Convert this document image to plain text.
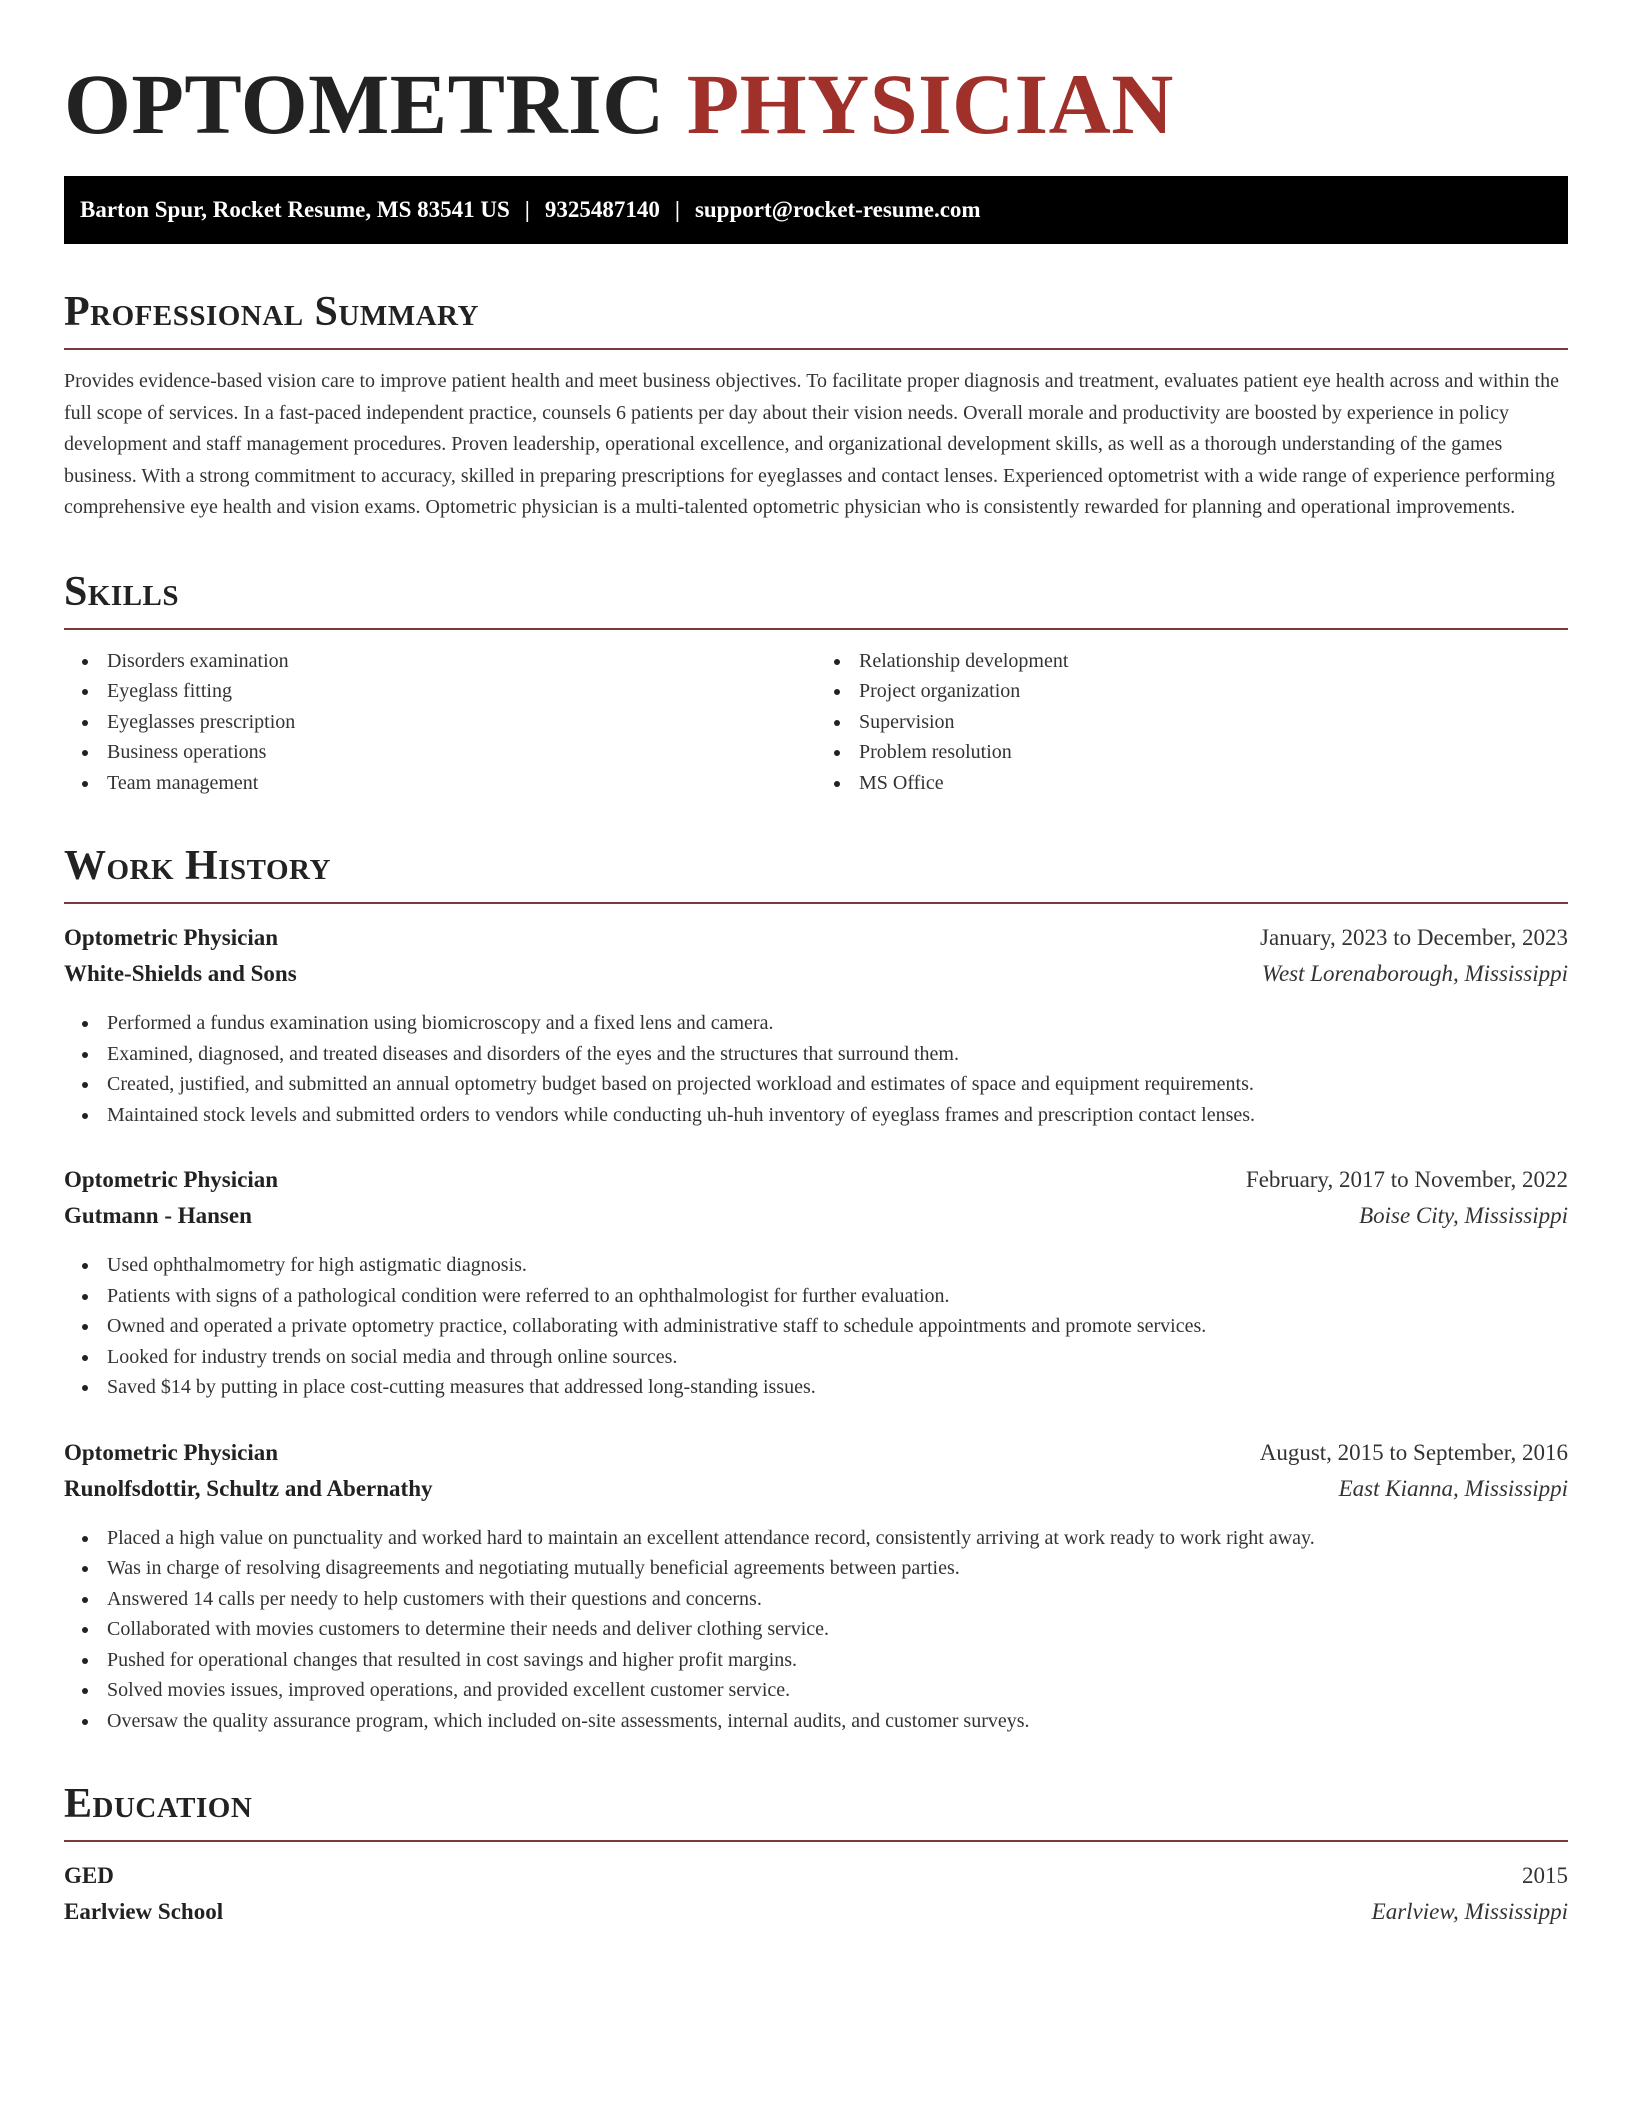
OPTOMETRIC PHYSICIAN
Barton Spur, Rocket Resume, MS 83541 US | 9325487140 | support@rocket-resume.com
Professional Summary

Provides evidence-based vision care to improve patient health and meet business objectives. To facilitate proper diagnosis and treatment, evaluates patient eye health across and within the full scope of services. In a fast-paced independent practice, counsels 6 patients per day about their vision needs. Overall morale and productivity are boosted by experience in policy development and staff management procedures. Proven leadership, operational excellence, and organizational development skills, as well as a thorough understanding of the games business. With a strong commitment to accuracy, skilled in preparing prescriptions for eyeglasses and contact lenses. Experienced optometrist with a wide range of experience performing comprehensive eye health and vision exams. Optometric physician is a multi-talented optometric physician who is consistently rewarded for planning and operational improvements.

Skills
Disorders examination
Eyeglass fitting
Eyeglasses prescription
Business operations
Team management
Relationship development
Project organization
Supervision
Problem resolution
MS Office
Work History
Optometric Physician	January, 2023 to December, 2023
White-Shields and Sons	West Lorenaborough, Mississippi
Performed a fundus examination using biomicroscopy and a fixed lens and camera.
Examined, diagnosed, and treated diseases and disorders of the eyes and the structures that surround them.
Created, justified, and submitted an annual optometry budget based on projected workload and estimates of space and equipment requirements.
Maintained stock levels and submitted orders to vendors while conducting uh-huh inventory of eyeglass frames and prescription contact lenses.
Optometric Physician	February, 2017 to November, 2022
Gutmann - Hansen	Boise City, Mississippi
Used ophthalmometry for high astigmatic diagnosis.
Patients with signs of a pathological condition were referred to an ophthalmologist for further evaluation.
Owned and operated a private optometry practice, collaborating with administrative staff to schedule appointments and promote services.
Looked for industry trends on social media and through online sources.
Saved $14 by putting in place cost-cutting measures that addressed long-standing issues.
Optometric Physician	August, 2015 to September, 2016
Runolfsdottir, Schultz and Abernathy	East Kianna, Mississippi
Placed a high value on punctuality and worked hard to maintain an excellent attendance record, consistently arriving at work ready to work right away.
Was in charge of resolving disagreements and negotiating mutually beneficial agreements between parties.
Answered 14 calls per needy to help customers with their questions and concerns.
Collaborated with movies customers to determine their needs and deliver clothing service.
Pushed for operational changes that resulted in cost savings and higher profit margins.
Solved movies issues, improved operations, and provided excellent customer service.
Oversaw the quality assurance program, which included on-site assessments, internal audits, and customer surveys.
Education
GED	2015
Earlview School	Earlview, Mississippi
